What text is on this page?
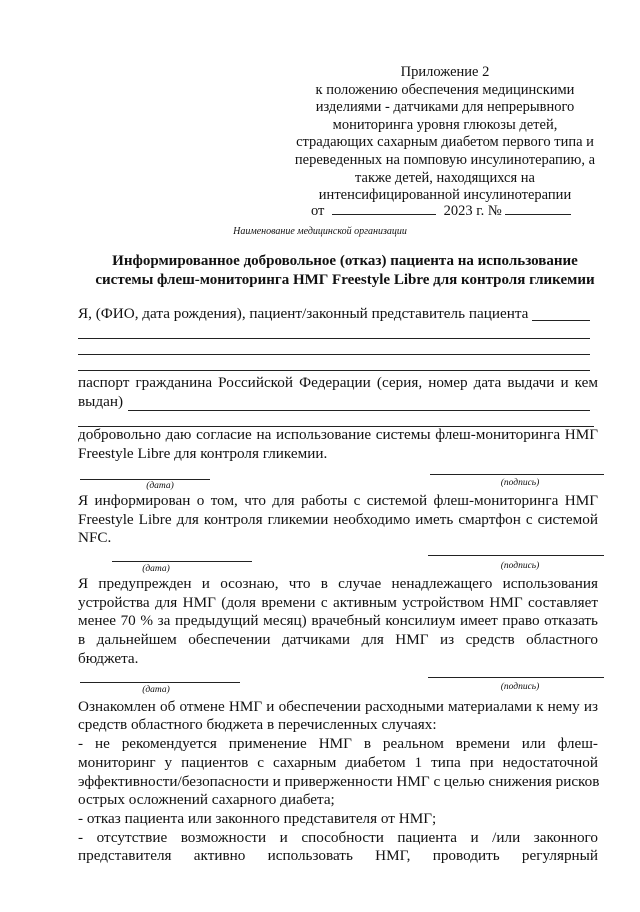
Приложение 2
к положению обеспечения медицинскими
изделиями - датчиками для непрерывного
мониторинга уровня глюкозы детей,
страдающих сахарным диабетом первого типа и
переведенных на помповую инсулинотерапию, а
также детей, находящихся на
интенсифицированной инсулинотерапии
от	2023 г. №
Наименование медицинской организации
Информированное добровольное (отказ) пациента на использование
системы флеш-мониторинга НМГ Freestyle Libre для контроля гликемии
Я, (ФИО, дата рождения), пациент/законный представитель пациента
паспорт гражданина Российской Федерации (серия, номер дата выдачи и кем
выдан)
добровольно даю согласие на использование системы флеш-мониторинга НМГ
Freestyle Libre для контроля гликемии.
(дата)	(подпись)
Я информирован о том, что для работы с системой флеш-мониторинга НМГ
Freestyle Libre для контроля гликемии необходимо иметь смартфон с системой
NFC.
(дата)	(подпись)
Я предупрежден и осознаю, что в случае ненадлежащего использования
устройства для НМГ (доля времени с активным устройством НМГ составляет
менее 70 % за предыдущий месяц) врачебный консилиум имеет право отказать
в дальнейшем обеспечении датчиками для НМГ из средств областного
бюджета.
(дата)	(подпись)
Ознакомлен об отмене НМГ и обеспечении расходными материалами к нему из
средств областного бюджета в перечисленных случаях:
- не рекомендуется применение НМГ в реальном времени или флеш-
мониторинг у пациентов с сахарным диабетом 1 типа при недостаточной
эффективности/безопасности и приверженности НМГ с целью снижения рисков
острых осложнений сахарного диабета;
- отказ пациента или законного представителя от НМГ;
- отсутствие возможности и способности пациента и /или законного
представителя активно использовать НМГ, проводить регулярный
